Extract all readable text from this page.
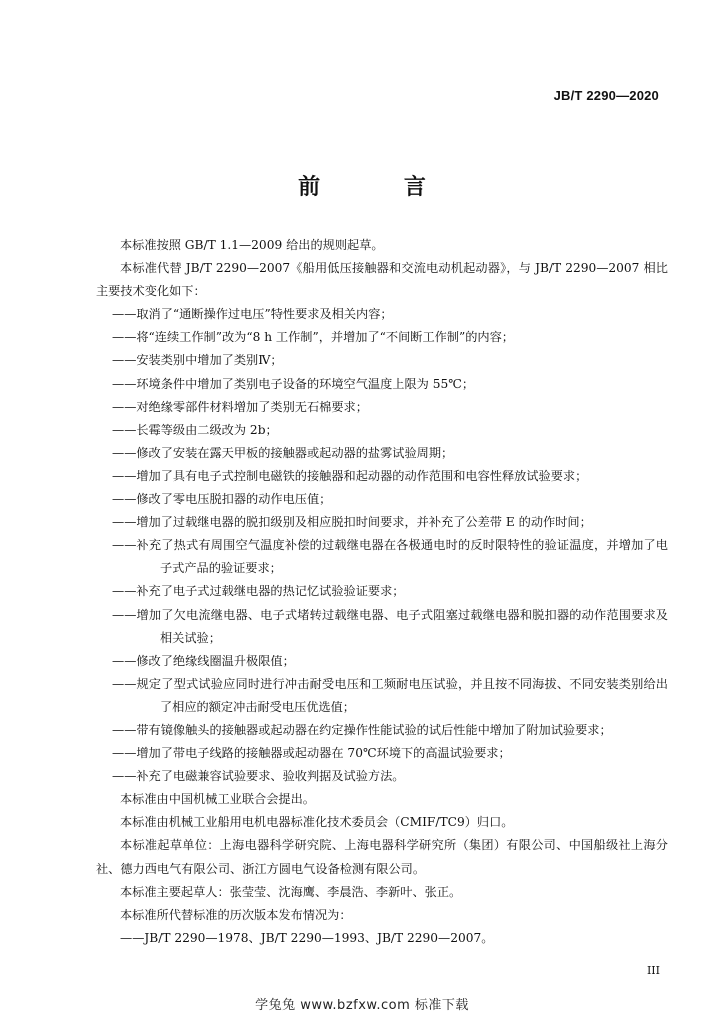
JB/T 2290—2020
前 言

本标准按照 GB/T 1.1—2009 给出的规则起草。

本标准代替 JB/T 2290—2007《船用低压接触器和交流电动机起动器》，与 JB/T 2290—2007 相比主要技术变化如下：

——取消了“通断操作过电压”特性要求及相关内容；

——将“连续工作制”改为“8 h 工作制”，并增加了“不间断工作制”的内容；

——安装类别中增加了类别Ⅳ；

——环境条件中增加了类别电子设备的环境空气温度上限为 55℃；

——对绝缘零部件材料增加了类别无石棉要求；

——长霉等级由二级改为 2b；

——修改了安装在露天甲板的接触器或起动器的盐雾试验周期；

——增加了具有电子式控制电磁铁的接触器和起动器的动作范围和电容性释放试验要求；

——修改了零电压脱扣器的动作电压值；

——增加了过载继电器的脱扣级别及相应脱扣时间要求，并补充了公差带 E 的动作时间；

——补充了热式有周围空气温度补偿的过载继电器在各极通电时的反时限特性的验证温度，并增加了电子式产品的验证要求；

——补充了电子式过载继电器的热记忆试验验证要求；

——增加了欠电流继电器、电子式堵转过载继电器、电子式阻塞过载继电器和脱扣器的动作范围要求及相关试验；

——修改了绝缘线圈温升极限值；

——规定了型式试验应同时进行冲击耐受电压和工频耐电压试验，并且按不同海拔、不同安装类别给出了相应的额定冲击耐受电压优选值；

——带有镜像触头的接触器或起动器在约定操作性能试验的试后性能中增加了附加试验要求；

——增加了带电子线路的接触器或起动器在 70℃环境下的高温试验要求；

——补充了电磁兼容试验要求、验收判据及试验方法。

本标准由中国机械工业联合会提出。

本标准由机械工业船用电机电器标准化技术委员会（CMIF/TC9）归口。

本标准起草单位：上海电器科学研究院、上海电器科学研究所（集团）有限公司、中国船级社上海分社、德力西电气有限公司、浙江方圆电气设备检测有限公司。

本标准主要起草人：张莹莹、沈海鹰、李晨浩、李新叶、张正。

本标准所代替标准的历次版本发布情况为：

——JB/T 2290—1978、JB/T 2290—1993、JB/T 2290—2007。

III
学兔兔 www.bzfxw.com 标准下载
